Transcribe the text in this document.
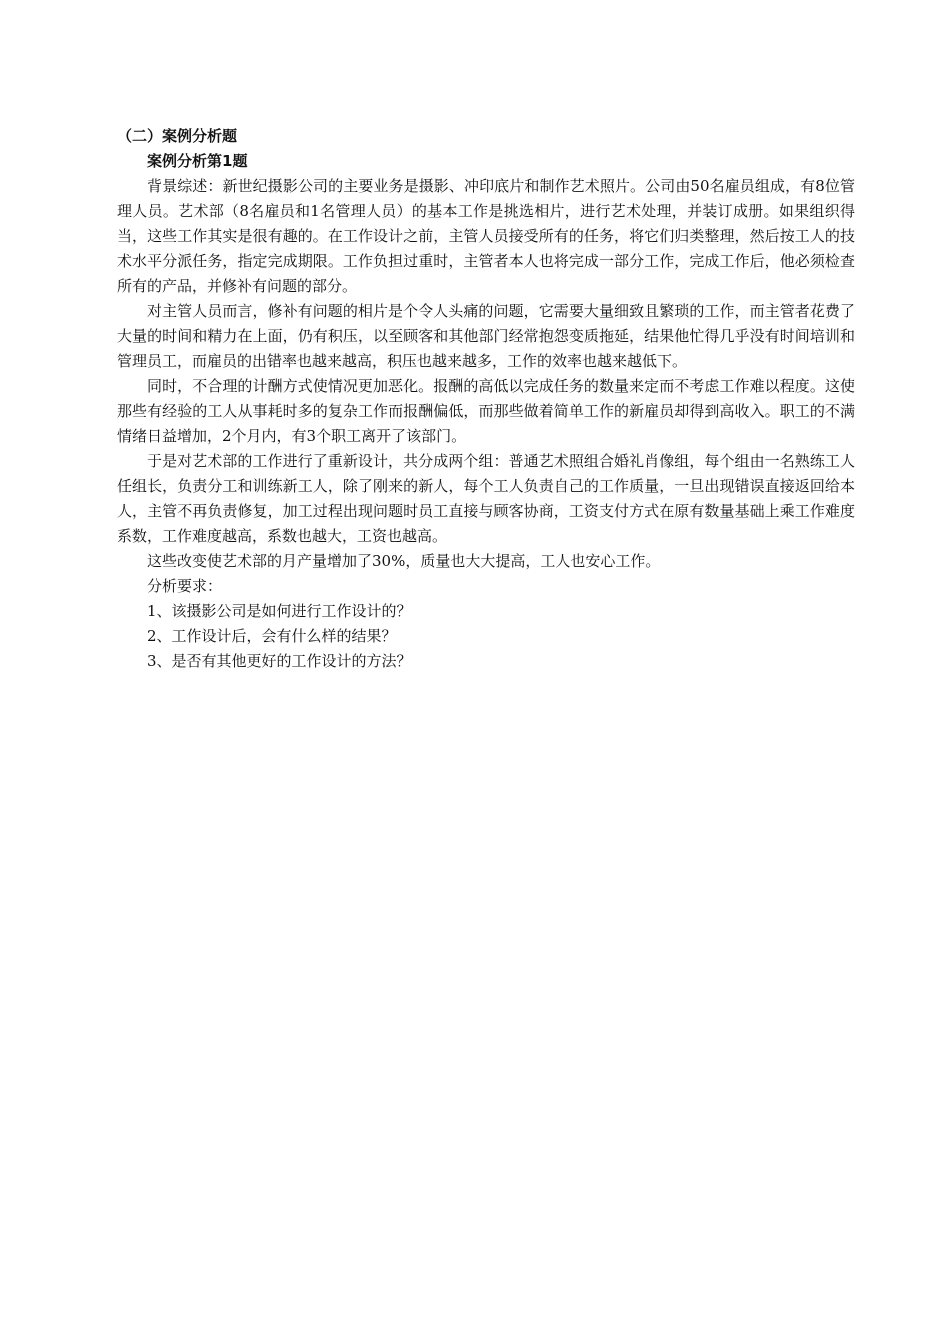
（二）案例分析题
案例分析第1题

背景综述：新世纪摄影公司的主要业务是摄影、冲印底片和制作艺术照片。公司由50名雇员组成，有8位管理人员。艺术部（8名雇员和1名管理人员）的基本工作是挑选相片，进行艺术处理，并装订成册。如果组织得当，这些工作其实是很有趣的。在工作设计之前，主管人员接受所有的任务，将它们归类整理，然后按工人的技术水平分派任务，指定完成期限。工作负担过重时，主管者本人也将完成一部分工作，完成工作后，他必须检查所有的产品，并修补有问题的部分。

对主管人员而言，修补有问题的相片是个令人头痛的问题，它需要大量细致且繁琐的工作，而主管者花费了大量的时间和精力在上面，仍有积压，以至顾客和其他部门经常抱怨变质拖延，结果他忙得几乎没有时间培训和管理员工，而雇员的出错率也越来越高，积压也越来越多，工作的效率也越来越低下。

同时，不合理的计酬方式使情况更加恶化。报酬的高低以完成任务的数量来定而不考虑工作难以程度。这使那些有经验的工人从事耗时多的复杂工作而报酬偏低，而那些做着简单工作的新雇员却得到高收入。职工的不满情绪日益增加，2个月内，有3个职工离开了该部门。

于是对艺术部的工作进行了重新设计，共分成两个组：普通艺术照组合婚礼肖像组，每个组由一名熟练工人任组长，负责分工和训练新工人，除了刚来的新人，每个工人负责自己的工作质量，一旦出现错误直接返回给本人，主管不再负责修复，加工过程出现问题时员工直接与顾客协商，工资支付方式在原有数量基础上乘工作难度系数，工作难度越高，系数也越大，工资也越高。

这些改变使艺术部的月产量增加了30%，质量也大大提高，工人也安心工作。

分析要求：

1、该摄影公司是如何进行工作设计的？

2、工作设计后，会有什么样的结果？

3、是否有其他更好的工作设计的方法？
